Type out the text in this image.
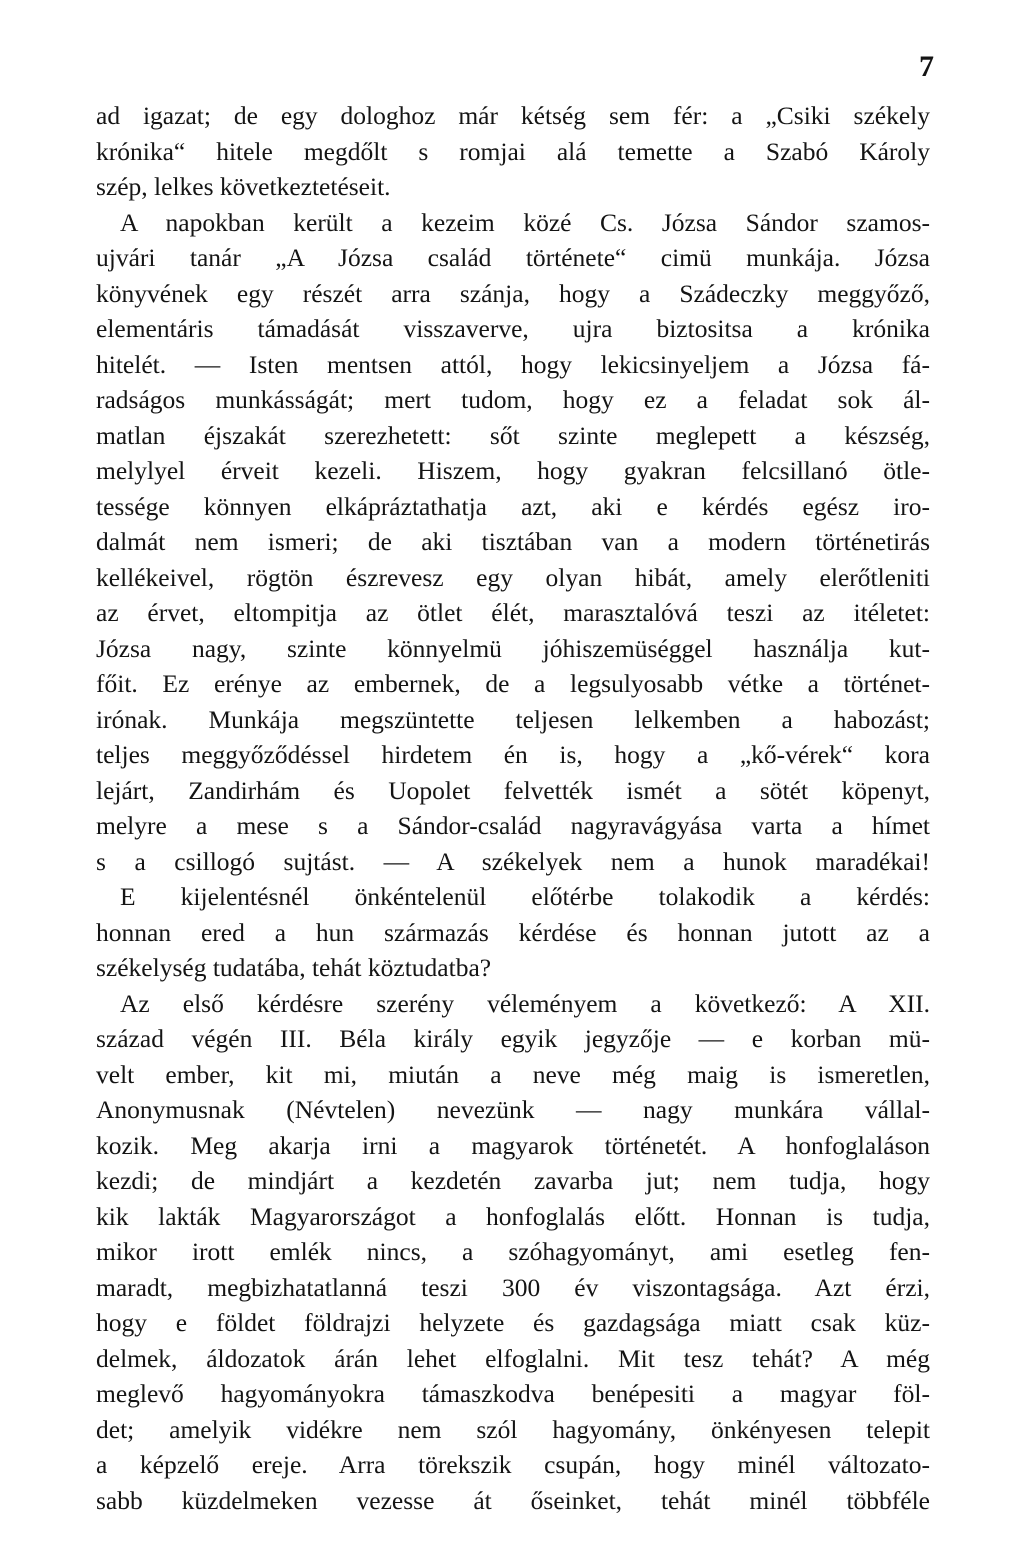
7
ad igazat; de egy dologhoz már kétség sem fér: a „Csiki székely
krónika“ hitele megdőlt s romjai alá temette a Szabó Károly
szép, lelkes következtetéseit.
A napokban került a kezeim közé Cs. Józsa Sándor szamos-
ujvári tanár „A Józsa család története“ cimü munkája. Józsa
könyvének egy részét arra szánja, hogy a Szádeczky meggyőző,
elementáris támadását visszaverve, ujra biztositsa a krónika
hitelét. — Isten mentsen attól, hogy lekicsinyeljem a Józsa fá-
radságos munkásságát; mert tudom, hogy ez a feladat sok ál-
matlan éjszakát szerezhetett: sőt szinte meglepett a készség,
melylyel érveit kezeli. Hiszem, hogy gyakran felcsillanó ötle-
tessége könnyen elkápráztathatja azt, aki e kérdés egész iro-
dalmát nem ismeri; de aki tisztában van a modern történetirás
kellékeivel, rögtön észrevesz egy olyan hibát, amely elerőtleniti
az érvet, eltompitja az ötlet élét, marasztalóvá teszi az itéletet:
Józsa nagy, szinte könnyelmü jóhiszemüséggel használja kut-
főit. Ez erénye az embernek, de a legsulyosabb vétke a történet-
irónak. Munkája megszüntette teljesen lelkemben a habozást;
teljes meggyőződéssel hirdetem én is, hogy a „kő-vérek“ kora
lejárt, Zandirhám és Uopolet felvették ismét a sötét köpenyt,
melyre a mese s a Sándor-család nagyravágyása varta a hímet
s a csillogó sujtást. — A székelyek nem a hunok maradékai!
E kijelentésnél önkéntelenül előtérbe tolakodik a kérdés:
honnan ered a hun származás kérdése és honnan jutott az a
székelység tudatába, tehát köztudatba?
Az első kérdésre szerény véleményem a következő: A XII.
század végén III. Béla király egyik jegyzője — e korban mü-
velt ember, kit mi, miután a neve még maig is ismeretlen,
Anonymusnak (Névtelen) nevezünk — nagy munkára vállal-
kozik. Meg akarja irni a magyarok történetét. A honfoglaláson
kezdi; de mindjárt a kezdetén zavarba jut; nem tudja, hogy
kik lakták Magyarországot a honfoglalás előtt. Honnan is tudja,
mikor irott emlék nincs, a szóhagyományt, ami esetleg fen-
maradt, megbizhatatlanná teszi 300 év viszontagsága. Azt érzi,
hogy e földet földrajzi helyzete és gazdagsága miatt csak küz-
delmek, áldozatok árán lehet elfoglalni. Mit tesz tehát? A még
meglevő hagyományokra támaszkodva benépesiti a magyar föl-
det; amelyik vidékre nem szól hagyomány, önkényesen telepit
a képzelő ereje. Arra törekszik csupán, hogy minél változato-
sabb küzdelmeken vezesse át őseinket, tehát minél többféle
